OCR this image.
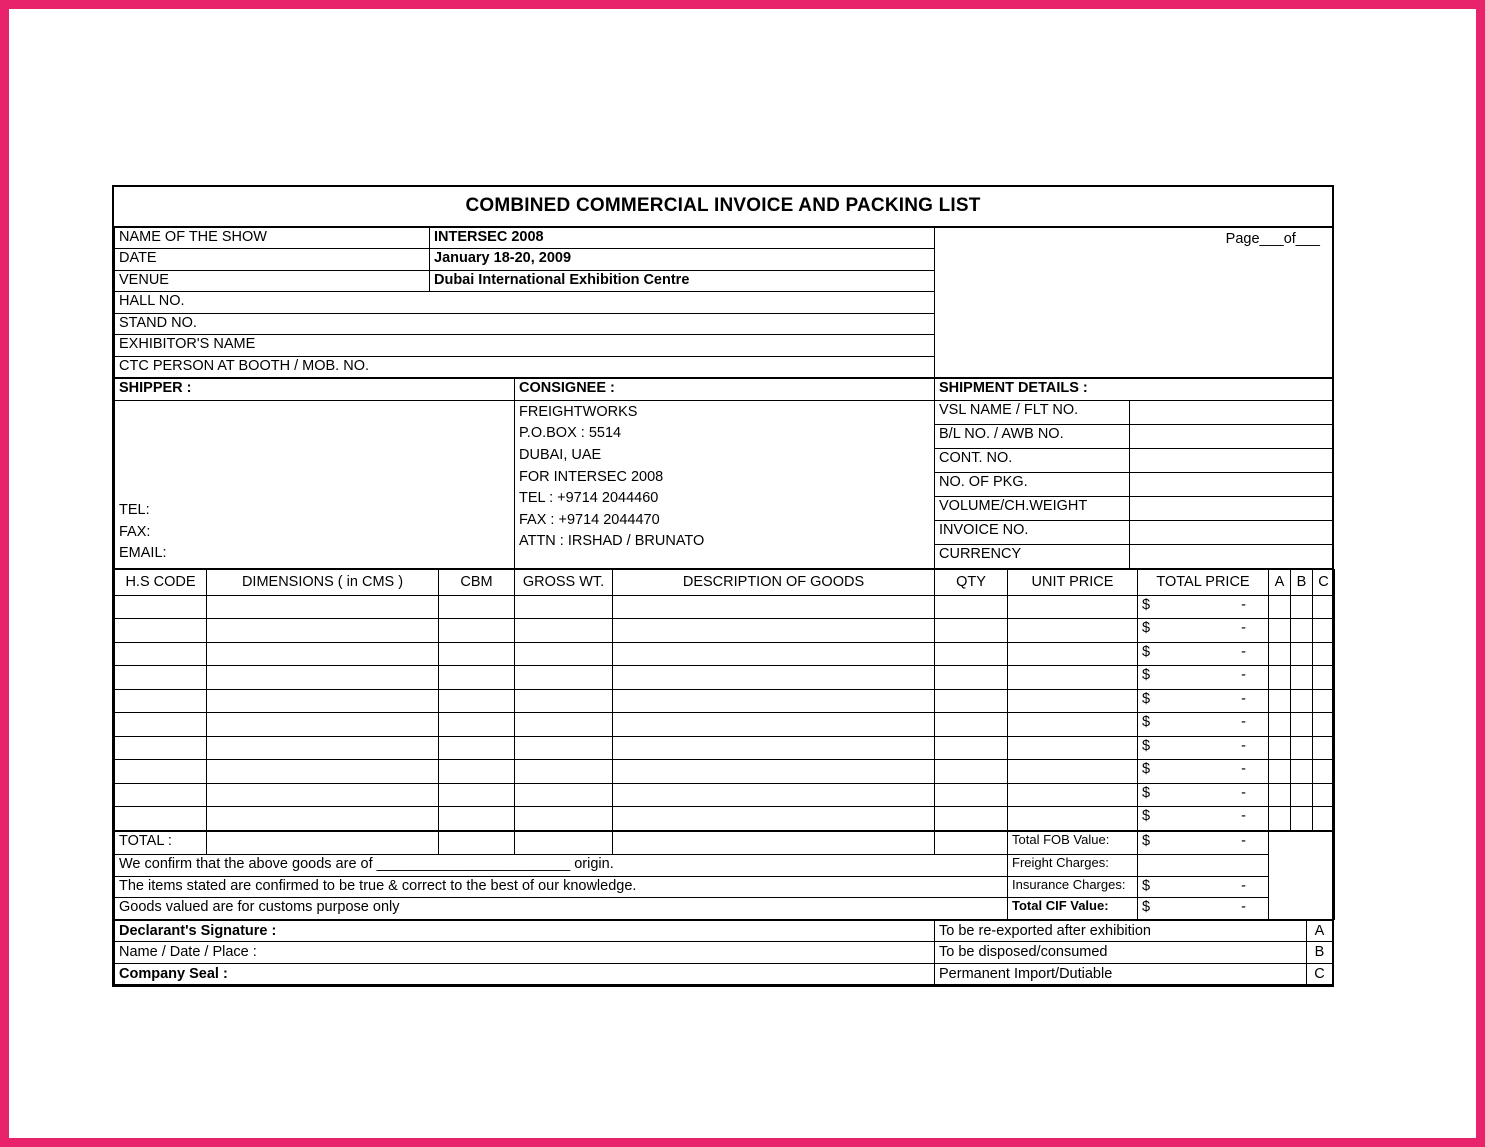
COMBINED COMMERCIAL INVOICE AND PACKING LIST
NAME OF THE SHOW	INTERSEC 2008	Page___of___
DATE	January 18-20, 2009	
VENUE	Dubai International Exhibition Centre	
HALL NO.		
STAND NO.		
EXHIBITOR'S NAME		
CTC PERSON AT BOOTH / MOB. NO.		
SHIPPER :	CONSIGNEE :	SHIPMENT DETAILS :	

TEL:
FAX:
EMAIL:

FREIGHTWORKS
P.O.BOX : 5514
DUBAI, UAE
FOR INTERSEC 2008
TEL : +9714 2044460
FAX : +9714 2044470
ATTN : IRSHAD / BRUNATO
	VSL NAME / FLT NO.	
		B/L NO. / AWB NO.	
		CONT. NO.	
		NO. OF PKG.	
		VOLUME/CH.WEIGHT	
		INVOICE NO.	
		CURRENCY	
H.S CODE	DIMENSIONS ( in CMS )	CBM	GROSS WT.	DESCRIPTION OF GOODS	QTY	UNIT PRICE	TOTAL PRICE	A	B	C

							$ -			

							$ -			

							$ -			

							$ -			

							$ -			

							$ -			

							$ -			

							$ -			

							$ -			

							$ -			

TOTAL :						Total FOB Value:	$ -	

We confirm that the above goods are of ________________________ origin.						Freight Charges:		

The items stated are confirmed to be true & correct to the best of our knowledge.						Insurance Charges:	$ -	

Goods valued are for customs purpose only						Total CIF Value:	$ -	
Declarant's Signature :	To be re-exported after exhibition	A
Name / Date / Place :	To be disposed/consumed	B
Company Seal :	Permanent Import/Dutiable	C
